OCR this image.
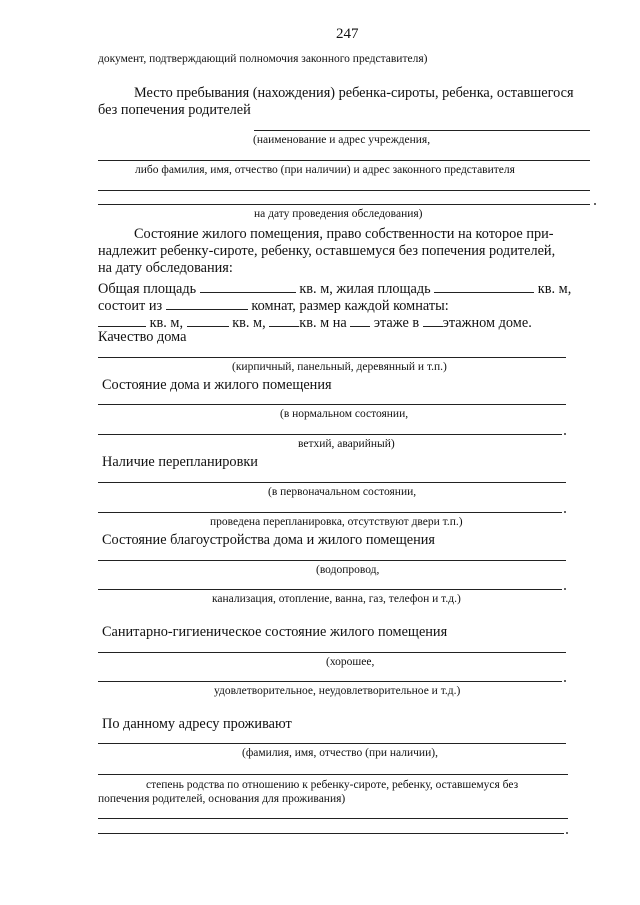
247
документ, подтверждающий полномочия законного представителя)
Место пребывания (нахождения) ребенка-сироты, ребенка, оставшегося
без попечения родителей
(наименование и адрес учреждения,
либо фамилия, имя, отчество (при наличии) и адрес законного представителя
на дату проведения обследования)
Состояние жилого помещения, право собственности на которое при-
надлежит ребенку-сироте, ребенку, оставшемуся без попечения родителей,
на дату обследования:
Общая площадь	кв. м, жилая площадь	кв. м,
состоит из	комнат, размер каждой комнаты:
кв. м,	кв. м, кв. м на этаже в этажном доме.
Качество дома
(кирпичный, панельный, деревянный и т.п.)
Состояние дома и жилого помещения
(в нормальном состоянии,
ветхий, аварийный)
Наличие перепланировки
(в первоначальном состоянии,
проведена перепланировка, отсутствуют двери т.п.)
Состояние благоустройства дома и жилого помещения
(водопровод,
канализация, отопление, ванна, газ, телефон и т.д.)
Санитарно-гигиеническое состояние жилого помещения
(хорошее,
удовлетворительное, неудовлетворительное и т.д.)
По данному адресу проживают
(фамилия, имя, отчество (при наличии),
степень родства по отношению к ребенку-сироте, ребенку, оставшемуся без
попечения родителей, основания для проживания)
